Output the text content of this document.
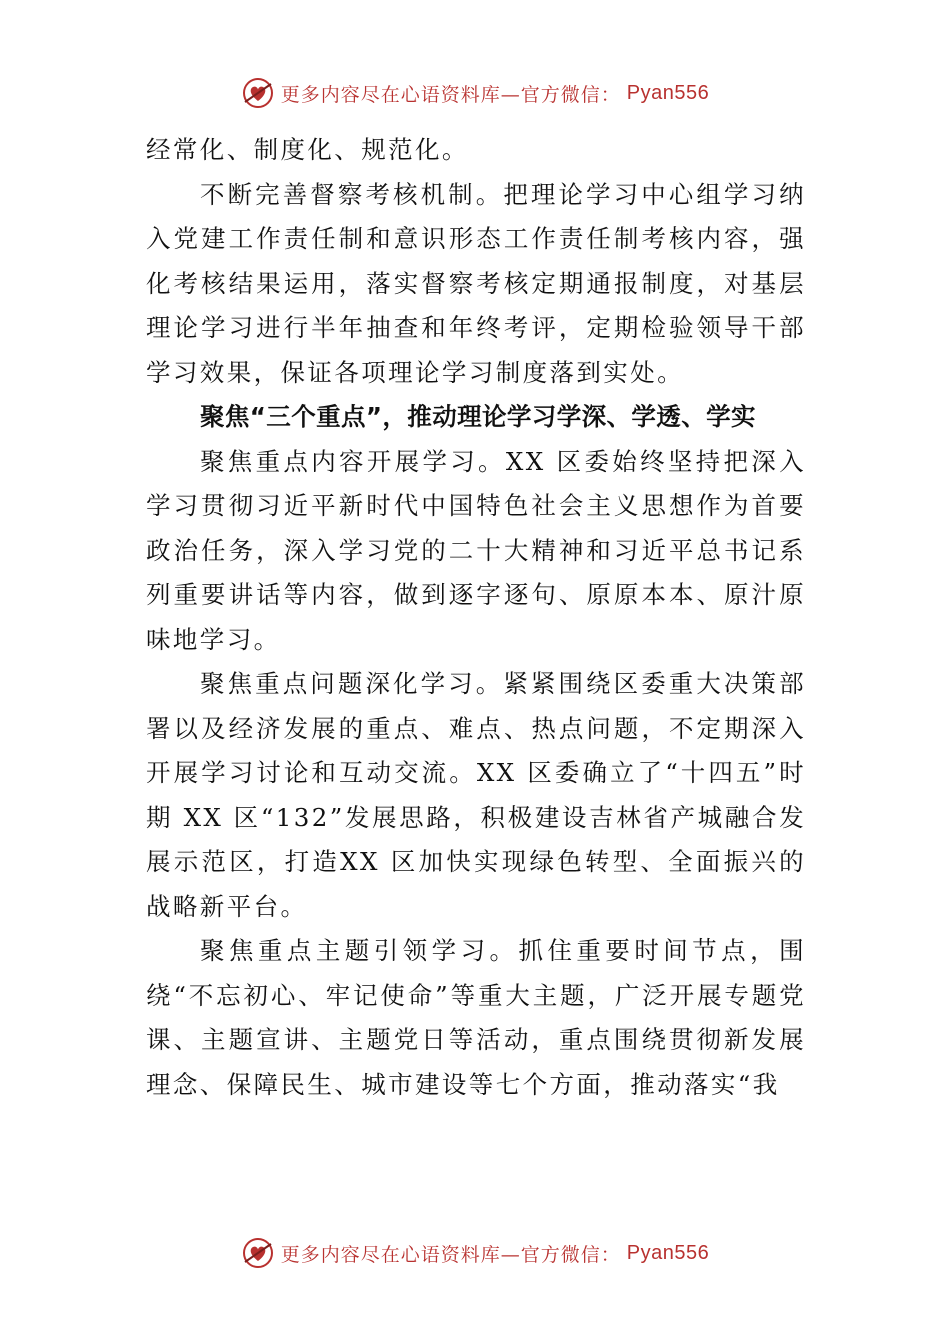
更多内容尽在心语资料库—官方微信： Pyan556

经常化、制度化、规范化。

不断完善督察考核机制。把理论学习中心组学习纳入党建工作责任制和意识形态工作责任制考核内容，强化考核结果运用，落实督察考核定期通报制度，对基层理论学习进行半年抽查和年终考评，定期检验领导干部学习效果，保证各项理论学习制度落到实处。

聚焦“三个重点”，推动理论学习学深、学透、学实

聚焦重点内容开展学习。XX 区委始终坚持把深入学习贯彻习近平新时代中国特色社会主义思想作为首要政治任务，深入学习党的二十大精神和习近平总书记系列重要讲话等内容，做到逐字逐句、原原本本、原汁原味地学习。

聚焦重点问题深化学习。紧紧围绕区委重大决策部署以及经济发展的重点、难点、热点问题，不定期深入开展学习讨论和互动交流。XX 区委确立了“十四五”时期 XX 区“132”发展思路，积极建设吉林省产城融合发展示范区，打造XX 区加快实现绿色转型、全面振兴的战略新平台。

聚焦重点主题引领学习。抓住重要时间节点，围绕“不忘初心、牢记使命”等重大主题，广泛开展专题党课、主题宣讲、主题党日等活动，重点围绕贯彻新发展理念、保障民生、城市建设等七个方面，推动落实“我

更多内容尽在心语资料库—官方微信： Pyan556
